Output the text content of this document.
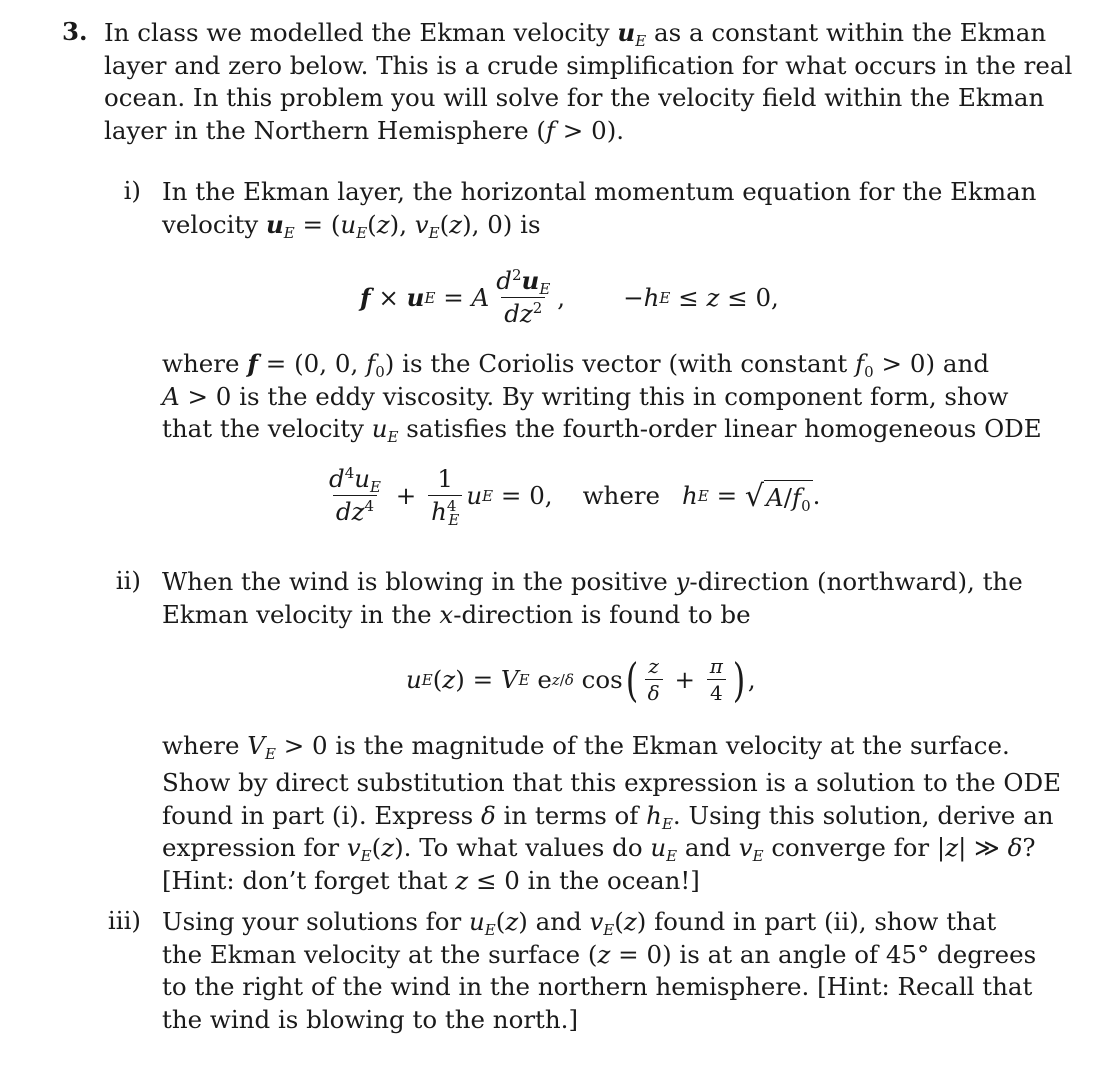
3. In class we modelled the Ekman velocity $u_E$ as a constant within the Ekman
layer and zero below. This is a crude simplification for what occurs in the real
ocean. In this problem you will solve for the velocity field within the Ekman
layer in the Northern Hemisphere (f > 0).
i) In the Ekman layer, the horizontal momentum equation for the Ekman
velocity $u_E = (u_E(z)$, $v_E(z)$, 0) is
f × u E = A $\frac{d^2u_E}{dz^2}$ ,
− h E ≤ z ≤ 0,
where f = (0, 0, $f_0$) is the Coriolis vector (with constant $f_0 > 0$) and
A > 0 is the eddy viscosity. By writing this in component form, show
that the velocity $u_E$ satisfies the fourth-order linear homogeneous ODE
$\frac{d^4u_E}{dz^4} + \frac{1}{h^4_E}$ u E = 0, where h E = √ $A/f_0$ .
ii) When the wind is blowing in the positive y-direction (northward), the
Ekman velocity in the x-direction is found to be
u E ( z ) = V E e z/δ cos ( $\frac{z}{\delta} + \frac{\pi}{4}$ ) ,
where $V_E > 0$ is the magnitude of the Ekman velocity at the surface.
Show by direct substitution that this expression is a solution to the ODE
found in part (i). Express δ in terms of $h_E$. Using this solution, derive an
expression for $v_E(z)$. To what values do $u_E$ and $v_E$ converge for |z| ≫ δ?
[Hint: don’t forget that z ≤ 0 in the ocean!]
iii) Using your solutions for $u_E(z)$ and $v_E(z)$ found in part (ii), show that
the Ekman velocity at the surface (z = 0) is at an angle of 45° degrees
to the right of the wind in the northern hemisphere. [Hint: Recall that
the wind is blowing to the north.]
